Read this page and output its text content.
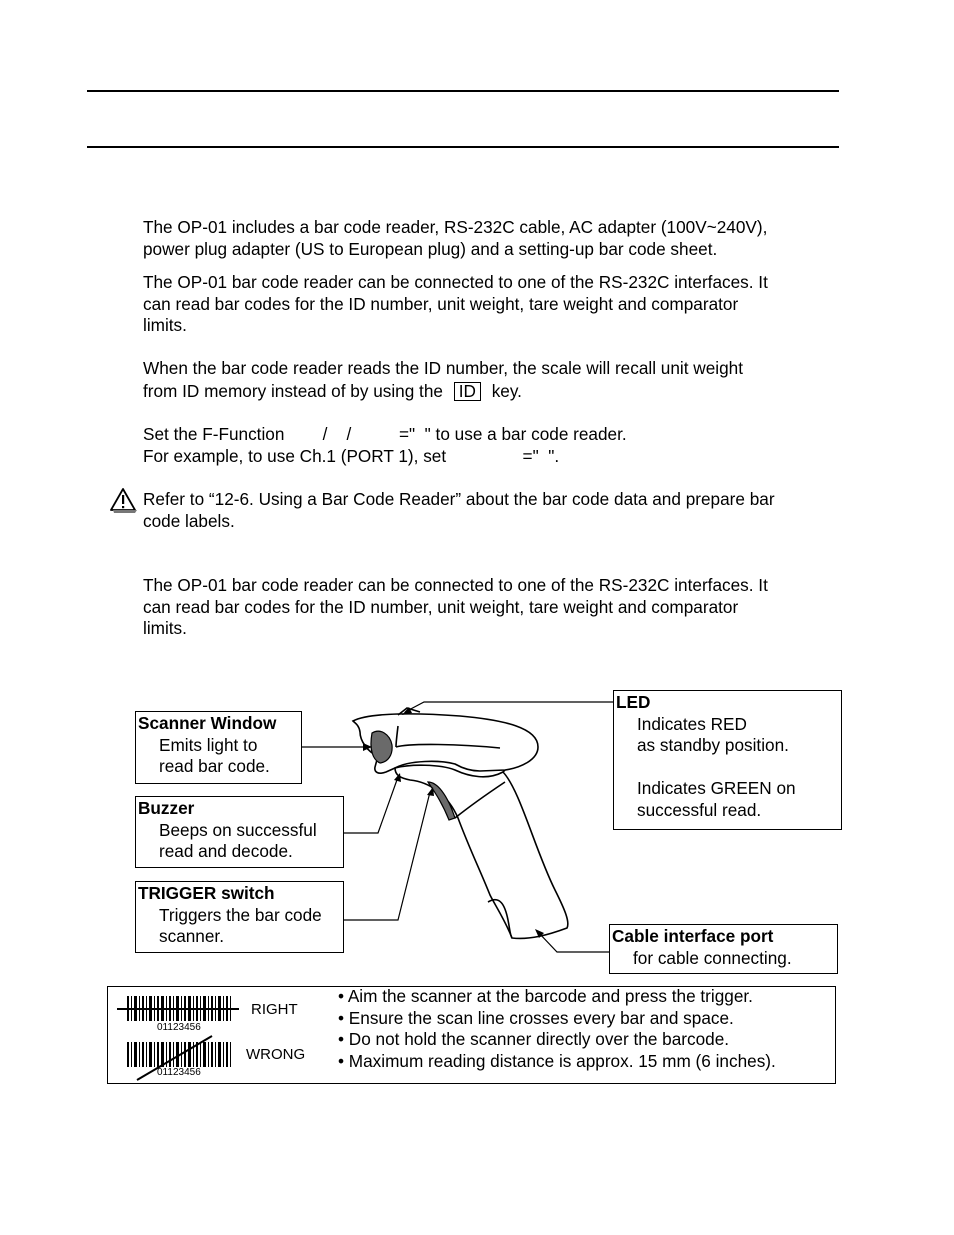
The OP-01 includes a bar code reader, RS-232C cable, AC adapter (100V~240V),
power plug adapter (US to European plug) and a setting-up bar code sheet.
The OP-01 bar code reader can be connected to one of the RS-232C interfaces. It
can read bar codes for the ID number, unit weight, tare weight and comparator
limits.
When the bar code reader reads the ID number, the scale will recall unit weight
from ID memory instead of by using the ID key.
Set the F-Function        /    /          ="  " to use a bar code reader.
For example, to use Ch.1 (PORT 1), set                ="  ".
Refer to “12-6. Using a Bar Code Reader” about the bar code data and prepare bar
code labels.
The OP-01 bar code reader can be connected to one of the RS-232C interfaces. It
can read bar codes for the ID number, unit weight, tare weight and comparator
limits.
Scanner Window
Emits light to
read bar code.
Buzzer
Beeps on successful
read and decode.
TRIGGER switch
Triggers the bar code
scanner.
LED
Indicates RED
as standby position.
Indicates GREEN on
successful read.
Cable interface port
for cable connecting.
01123456
01123456
RIGHT
WRONG
• Aim the scanner at the barcode and press the trigger.
• Ensure the scan line crosses every bar and space.
• Do not hold the scanner directly over the barcode.
• Maximum reading distance is approx. 15 mm (6 inches).
